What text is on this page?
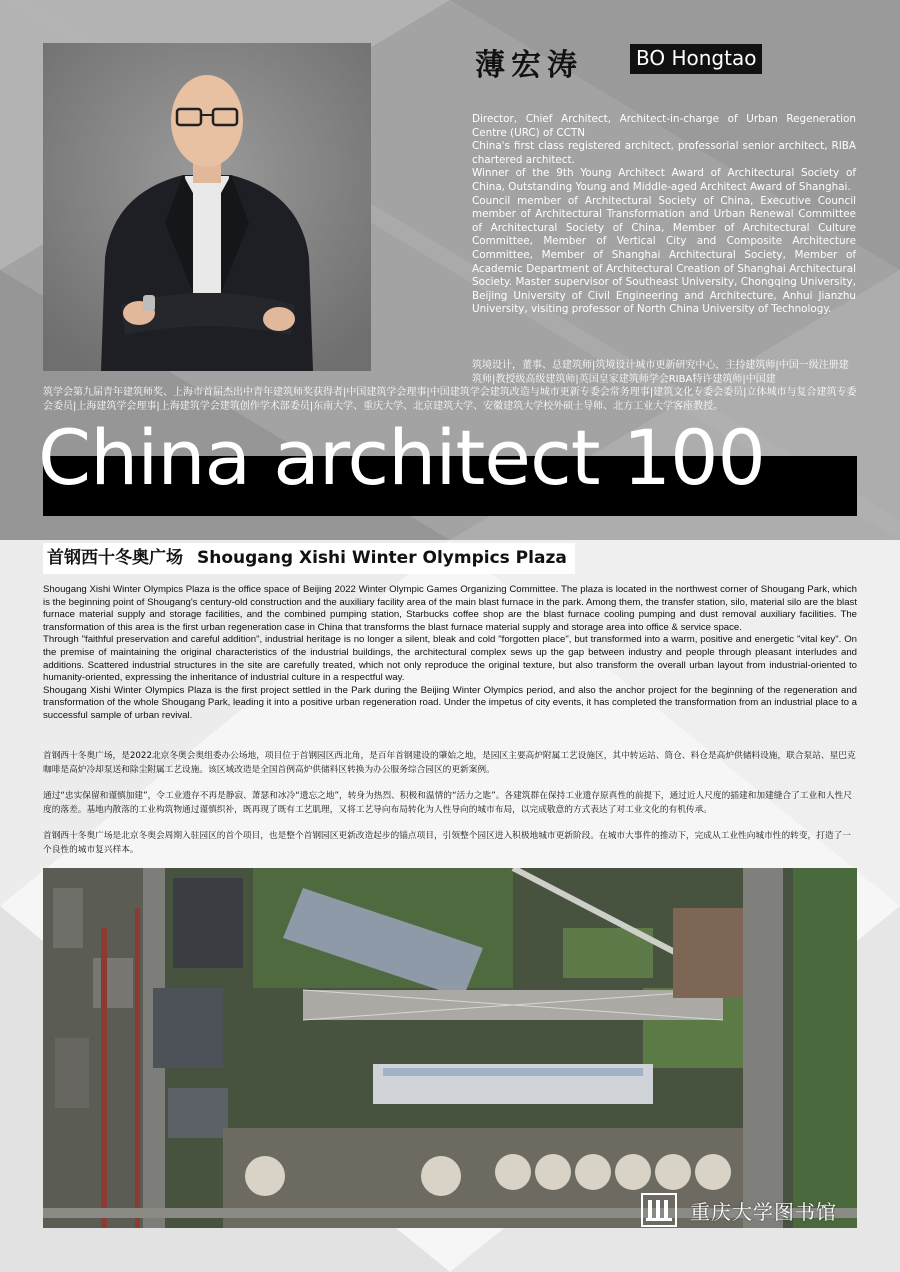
薄宏涛	BO Hongtao

Director, Chief Architect, Architect-in-charge of Urban Regeneration Centre (URC) of CCTN

China's first class registered architect, professorial senior architect, RIBA chartered architect.

Winner of the 9th Young Architect Award of Architectural Society of China, Outstanding Young and Middle-aged Architect Award of Shanghai.

Council member of Architectural Society of China, Executive Council member of Architectural Transformation and Urban Renewal Committee of Architectural Society of China, Member of Architectural Culture Committee, Member of Vertical City and Composite Architecture Committee, Member of Shanghai Architectural Society, Member of Academic Department of Architectural Creation of Shanghai Architectural Society. Master supervisor of Southeast University, Chongqing University, Beijing University of Civil Engineering and Architecture, Anhui Jianzhu University, visiting professor of North China University of Technology.

筑境设计，董事、总建筑师|筑境设计城市更新研究中心，主持建筑师|中国一级注册建筑师|教授级高级建筑师|英国皇家建筑师学会RIBA特许建筑师|中国建
筑学会第九届青年建筑师奖、上海市首届杰出中青年建筑师奖获得者|中国建筑学会理事|中国建筑学会建筑改造与城市更新专委会常务理事|建筑文化专委会委员|立体城市与复合建筑专委会委员|上海建筑学会理事|上海建筑学会建筑创作学术部委员|东南大学、重庆大学、北京建筑大学、安徽建筑大学校外硕士导师、北方工业大学客座教授。
China architect 100
首钢西十冬奥广场 Shougang Xishi Winter Olympics Plaza

Shougang Xishi Winter Olympics Plaza is the office space of Beijing 2022 Winter Olympic Games Organizing Committee. The plaza is located in the northwest corner of Shougang Park, which is the beginning point of Shougang's century-old construction and the auxiliary facility area of the main blast furnace in the park. Among them, the transfer station, silo, material silo are the blast furnace material supply and storage facilities, and the combined pumping station, Starbucks coffee shop are the blast furnace cooling pumping and dust removal auxiliary facilities. The transformation of this area is the first urban regeneration case in China that transforms the blast furnace material supply and storage area into office & service space.

Through "faithful preservation and careful addition", industrial heritage is no longer a silent, bleak and cold "forgotten place", but transformed into a warm, positive and energetic "vital key". On the premise of maintaining the original characteristics of the industrial buildings, the architectural complex sews up the gap between industry and people through pleasant interludes and additions. Scattered industrial structures in the site are carefully treated, which not only reproduce the original texture, but also transform the overall urban layout from industrial-oriented to humanity-oriented, expressing the inheritance of industrial culture in a respectful way.

Shougang Xishi Winter Olympics Plaza is the first project settled in the Park during the Beijing Winter Olympics period, and also the anchor project for the beginning of the regeneration and transformation of the whole Shougang Park, leading it into a positive urban regeneration road. Under the impetus of city events, it has completed the transformation from an industrial place to a successful sample of urban revival.

首钢西十冬奥广场，是2022北京冬奥会奥组委办公场地，项目位于首钢园区西北角，是百年首钢建设的肇始之地，是园区主要高炉附属工艺设施区，其中转运站、筒仓、料仓是高炉供储料设施，联合泵站、星巴克咖啡是高炉冷却泵送和除尘附属工艺设施。该区域改造是全国首例高炉供储料区转换为办公服务综合园区的更新案例。

通过“忠实保留和谨慎加建”，令工业遗存不再是静寂、萧瑟和冰冷“遗忘之地”，转身为热烈、积极和温情的“活力之匙”。各建筑群在保持工业遗存原真性的前提下，通过近人尺度的插建和加建缝合了工业和人性尺度的落差。基地内散落的工业构筑物通过谨慎织补，既再现了既有工艺肌理，又将工艺导向布局转化为人性导向的城市布局，以完成敬意的方式表达了对工业文化的有机传承。

首钢西十冬奥广场是北京冬奥会周期入驻园区的首个项目，也是整个首钢园区更新改造起步的锚点项目，引领整个园区进入积极地城市更新阶段。在城市大事件的推动下，完成从工业性向城市性的转变，打造了一个良性的城市复兴样本。

重庆大学图书馆
